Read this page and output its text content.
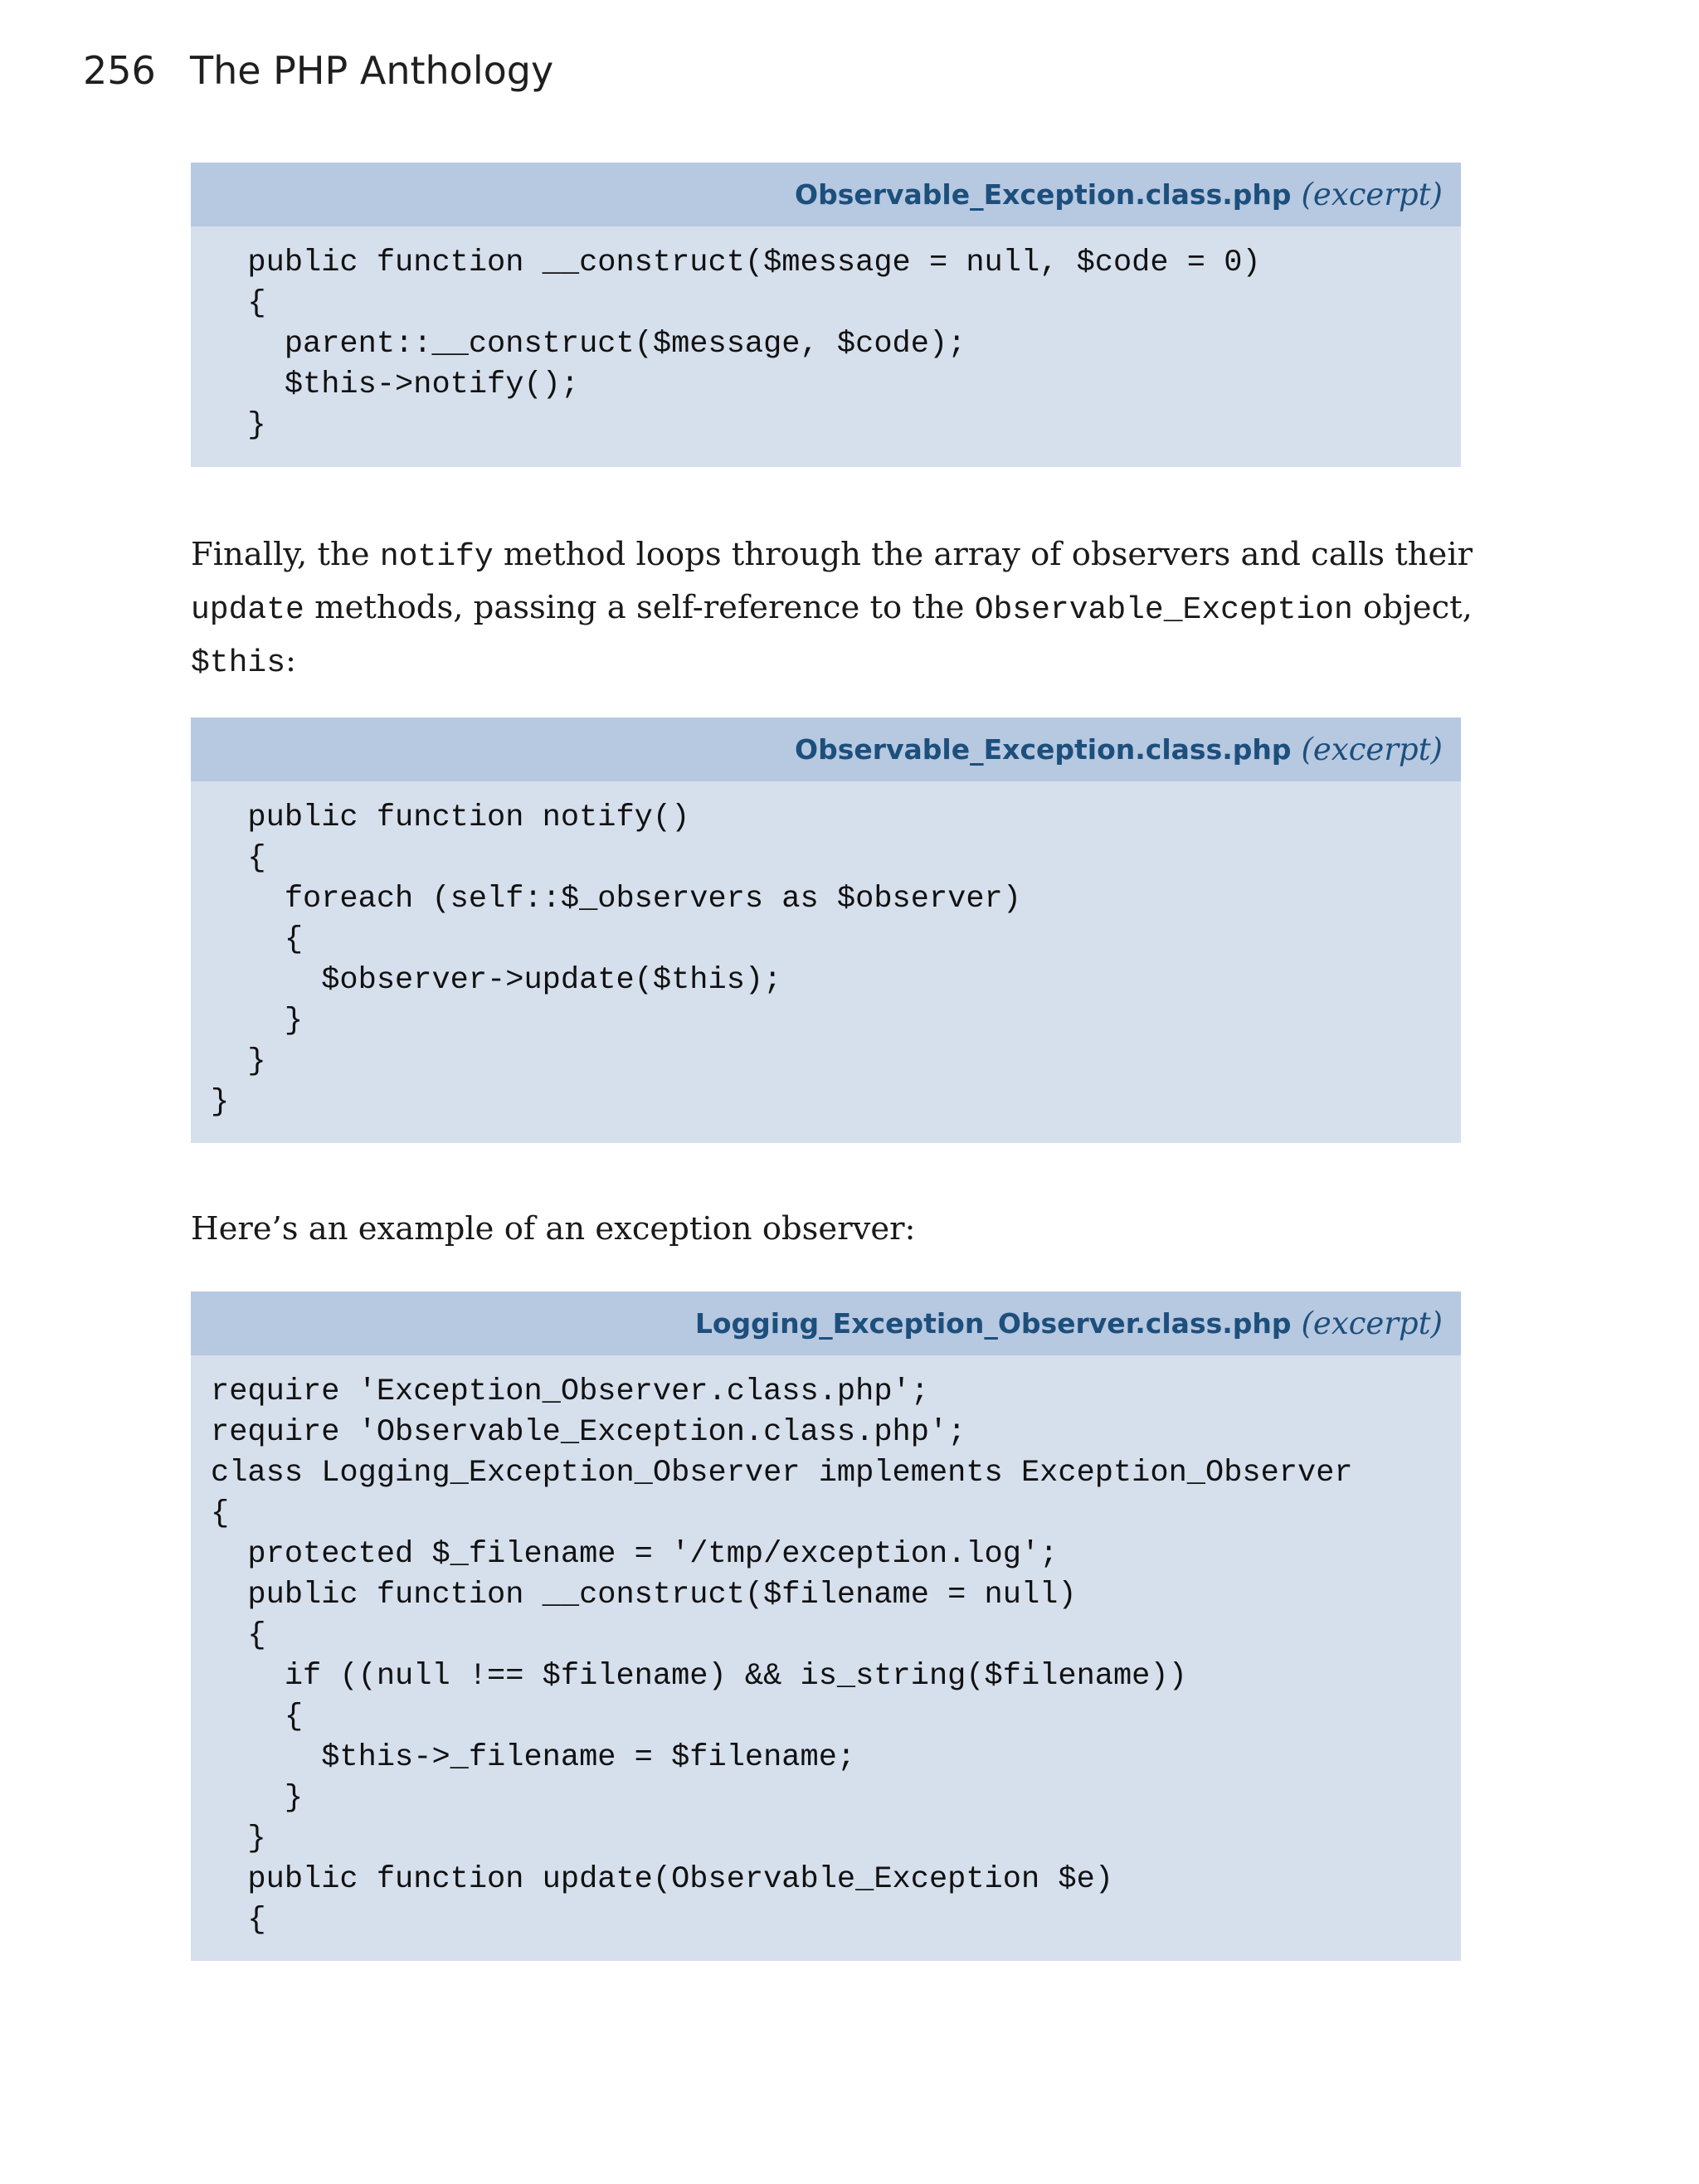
256 The PHP Anthology
Observable_Exception.class.php (excerpt)
public function __construct($message = null, $code = 0)
{
parent::__construct($message, $code);
$this->notify();
}

Finally, the notify method loops through the array of observers and calls their
update methods, passing a self-reference to the Observable_Exception object,
$this:

Observable_Exception.class.php (excerpt)
public function notify()
{
foreach (self::$_observers as $observer)
{
$observer->update($this);
}
}
}

Here’s an example of an exception observer:

Logging_Exception_Observer.class.php (excerpt)
require 'Exception_Observer.class.php';
require 'Observable_Exception.class.php';
class Logging_Exception_Observer implements Exception_Observer
{
protected $_filename = '/tmp/exception.log';
public function __construct($filename = null)
{
if ((null !== $filename) && is_string($filename))
{
$this->_filename = $filename;
}
}
public function update(Observable_Exception $e)
{
